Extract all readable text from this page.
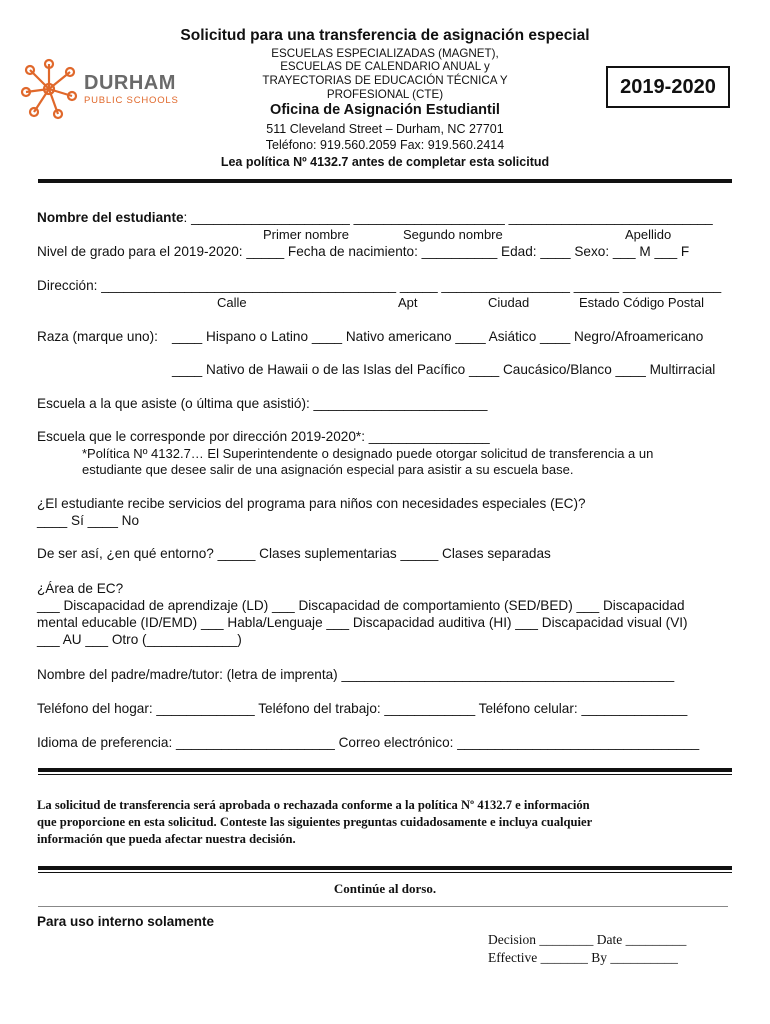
DURHAM
PUBLIC SCHOOLS
Solicitud para una transferencia de asignación especial
ESCUELAS ESPECIALIZADAS (MAGNET),
ESCUELAS DE CALENDARIO ANUAL y
TRAYECTORIAS DE EDUCACIÓN TÉCNICA Y
PROFESIONAL (CTE)	2019-2020
Oficina de Asignación Estudiantil
511 Cleveland Street – Durham, NC 27701
Teléfono: 919.560.2059 Fax: 919.560.2414
Lea política Nº 4132.7 antes de completar esta solicitud
Nombre del estudiante: _____________________ ____________________ ___________________________
Primer nombre	Segundo nombre	Apellido
Nivel de grado para el 2019-2020: _____ Fecha de nacimiento: __________ Edad: ____ Sexo: ___ M ___ F
Dirección: _______________________________________ _____ _________________ ______ _____________
Calle	Apt	Ciudad	Estado Código Postal
Raza (marque uno): ____ Hispano o Latino ____ Nativo americano ____ Asiático ____ Negro/Afroamericano
____ Nativo de Hawaii o de las Islas del Pacífico ____ Caucásico/Blanco ____ Multirracial
Escuela a la que asiste (o última que asistió): _______________________
Escuela que le corresponde por dirección 2019-2020*: ________________
*Política Nº 4132.7… El Superintendente o designado puede otorgar solicitud de transferencia a un
estudiante que desee salir de una asignación especial para asistir a su escuela base.
¿El estudiante recibe servicios del programa para niños con necesidades especiales (EC)?
____ Sí ____ No
De ser así, ¿en qué entorno? _____ Clases suplementarias _____ Clases separadas
¿Área de EC?
___ Discapacidad de aprendizaje (LD) ___ Discapacidad de comportamiento (SED/BED) ___ Discapacidad
mental educable (ID/EMD) ___ Habla/Lenguaje ___ Discapacidad auditiva (HI) ___ Discapacidad visual (VI)
___ AU ___ Otro (____________)
Nombre del padre/madre/tutor: (letra de imprenta) ____________________________________________
Teléfono del hogar: _____________ Teléfono del trabajo: ____________ Teléfono celular: ______________
Idioma de preferencia: _____________________ Correo electrónico: ________________________________
La solicitud de transferencia será aprobada o rechazada conforme a la política Nº 4132.7 e información
que proporcione en esta solicitud. Conteste las siguientes preguntas cuidadosamente e incluya cualquier
información que pueda afectar nuestra decisión.
Continúe al dorso.
Para uso interno solamente
Decision ________ Date _________
Effective _______ By __________
